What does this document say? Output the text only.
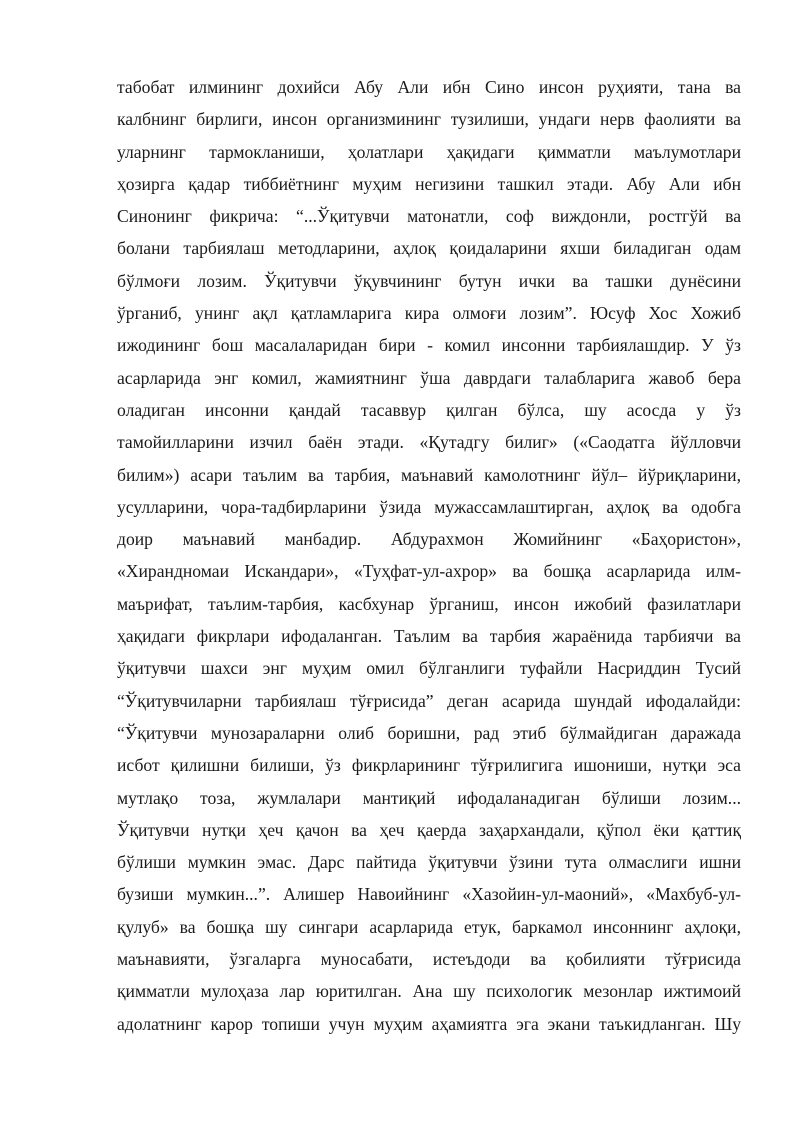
табобат илмининг дохийси Абу Али ибн Сино инсон руҳияти, тана ва
калбнинг бирлиги, инсон организмининг тузилиши, ундаги нерв фаолияти ва
уларнинг тармокланиши, ҳолатлари ҳақидаги қимматли маълумотлари
ҳозирга қадар тиббиётнинг муҳим негизини ташкил этади. Абу Али ибн
Синонинг фикрича: “...Ўқитувчи матонатли, соф виждонли, ростгўй ва
болани тарбиялаш методларини, аҳлоқ қоидаларини яхши биладиган одам
бўлмоғи лозим. Ўқитувчи ўқувчининг бутун ички ва ташки дунёсини
ўрганиб, унинг ақл қатламларига кира олмоғи лозим”. Юсуф Хос Хожиб
ижодининг бош масалаларидан бири - комил инсонни тарбиялашдир. У ўз
асарларида энг комил, жамиятнинг ўша даврдаги талабларига жавоб бера
оладиган инсонни қандай тасаввур қилган бўлса, шу асосда у ўз
тамойилларини изчил баён этади. «Қутадгу билиг» («Саодатга йўлловчи
билим») асари таълим ва тарбия, маънавий камолотнинг йўл– йўриқларини,
усулларини, чора-тадбирларини ўзида мужассамлаштирган, аҳлоқ ва одобга
доир маънавий манбадир. Абдурахмон Жомийнинг «Баҳористон»,
«Хирандномаи Искандари», «Туҳфат-ул-ахрор» ва бошқа асарларида илм-
маърифат, таълим-тарбия, касбхунар ўрганиш, инсон ижобий фазилатлари
ҳақидаги фикрлари ифодаланган. Таълим ва тарбия жараёнида тарбиячи ва
ўқитувчи шахси энг муҳим омил бўлганлиги туфайли Насриддин Тусий
“Ўқитувчиларни тарбиялаш тўғрисида” деган асарида шундай ифодалайди:
“Ўқитувчи мунозараларни олиб боришни, рад этиб бўлмайдиган даражада
исбот қилишни билиши, ўз фикрларининг тўғрилигига ишониши, нутқи эса
мутлақо тоза, жумлалари мантиқий ифодаланадиган бўлиши лозим...
Ўқитувчи нутқи ҳеч қачон ва ҳеч қаерда заҳархандали, қўпол ёки қаттиқ
бўлиши мумкин эмас. Дарс пайтида ўқитувчи ўзини тута олмаслиги ишни
бузиши мумкин...”. Алишер Навоийнинг «Хазойин-ул-маоний», «Махбуб-ул-
қулуб» ва бошқа шу сингари асарларида етук, баркамол инсоннинг аҳлоқи,
маънавияти, ўзгаларга муносабати, истеъдоди ва қобилияти тўғрисида
қимматли мулоҳаза лар юритилган. Ана шу психологик мезонлар ижтимоий
адолатнинг карор топиши учун муҳим аҳамиятга эга экани таъкидланган. Шу
